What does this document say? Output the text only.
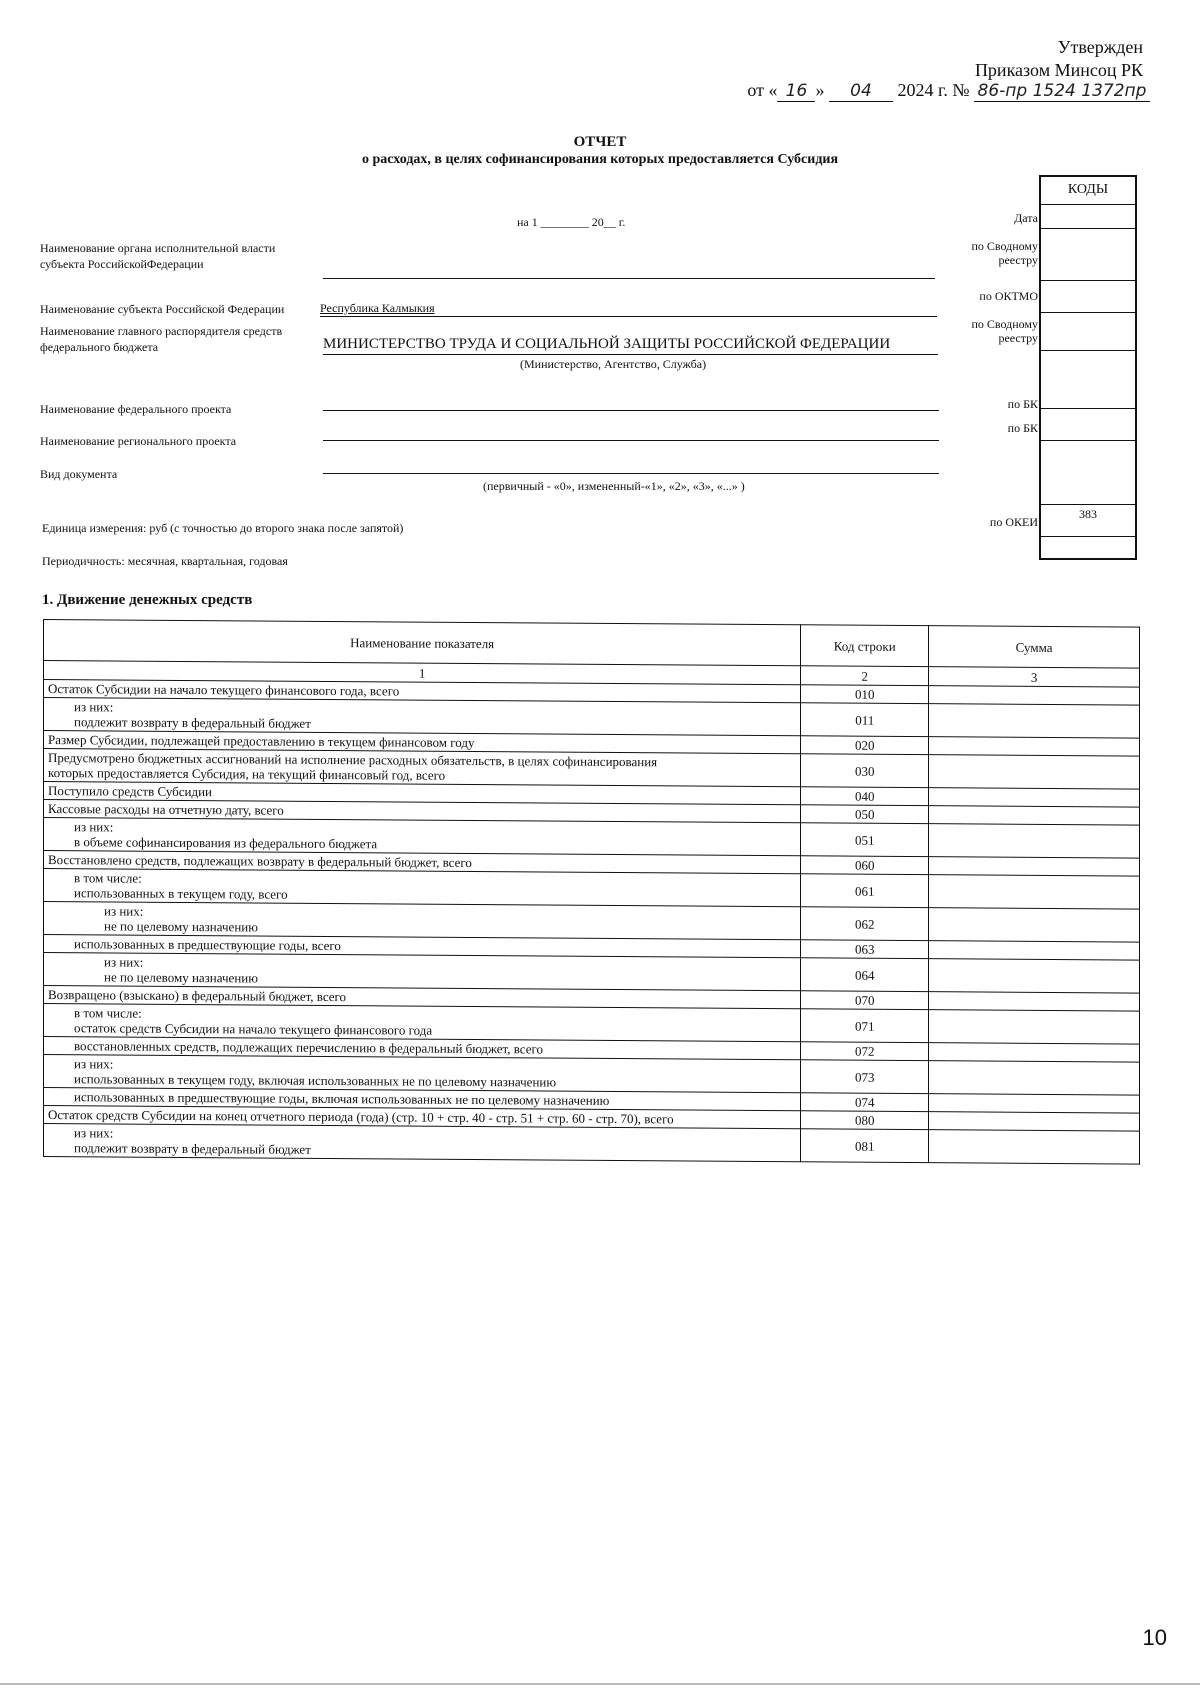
Утвержден
Приказом Минсоц РК
от « 16 » 04 2024 г. № 86-пр 1524 1372пр
ОТЧЕТ
о расходах, в целях софинансирования которых предоставляется Субсидия
на 1 ________ 20__ г.
Наименование органа исполнительной власти
субъекта РоссийскойФедерации
Наименование субъекта Российской Федерации	Республика Калмыкия
Наименование главного распорядителя средств
федерального бюджета	МИНИСТЕРСТВО ТРУДА И СОЦИАЛЬНОЙ ЗАЩИТЫ РОССИЙСКОЙ ФЕДЕРАЦИИ
(Министерство, Агентство, Служба)
Наименование федерального проекта
Наименование регионального проекта
Вид документа
(первичный - «0», измененный-«1», «2», «3», «...» )
Единица измерения: руб (с точностью до второго знака после запятой)
Периодичность: месячная, квартальная, годовая
КОДЫ
Дата
по Сводному
реестру
по ОКТМО
по Сводному
реестру
по БК
по БК
383
по ОКЕИ
1. Движение денежных средств
Наименование показателя	Код строки	Сумма
1	2	3

Остаток Субсидии на начало текущего финансового года, всего	010	

из них:
подлежит возврату в федеральный бюджет	011	

Размер Субсидии, подлежащей предоставлению в текущем финансовом году	020	

Предусмотрено бюджетных ассигнований на исполнение расходных обязательств, в целях софинансирования
которых предоставляется Субсидия, на текущий финансовый год, всего	030	

Поступило средств Субсидии	040	

Кассовые расходы на отчетную дату, всего	050	

из них:
в объеме софинансирования из федерального бюджета	051	

Восстановлено средств, подлежащих возврату в федеральный бюджет, всего	060	

в том числе:
использованных в текущем году, всего	061	

из них:
не по целевому назначению	062	

использованных в предшествующие годы, всего	063	

из них:
не по целевому назначению	064	

Возвращено (взыскано) в федеральный бюджет, всего	070	

в том числе:
остаток средств Субсидии на начало текущего финансового года	071	

восстановленных средств, подлежащих перечислению в федеральный бюджет, всего	072	

из них:
использованных в текущем году, включая использованных не по целевому назначению	073	

использованных в предшествующие годы, включая использованных не по целевому назначению	074	

Остаток средств Субсидии на конец отчетного периода (года) (стр. 10 + стр. 40 - стр. 51 + стр. 60 - стр. 70), всего	080	

из них:
подлежит возврату в федеральный бюджет	081	
10
